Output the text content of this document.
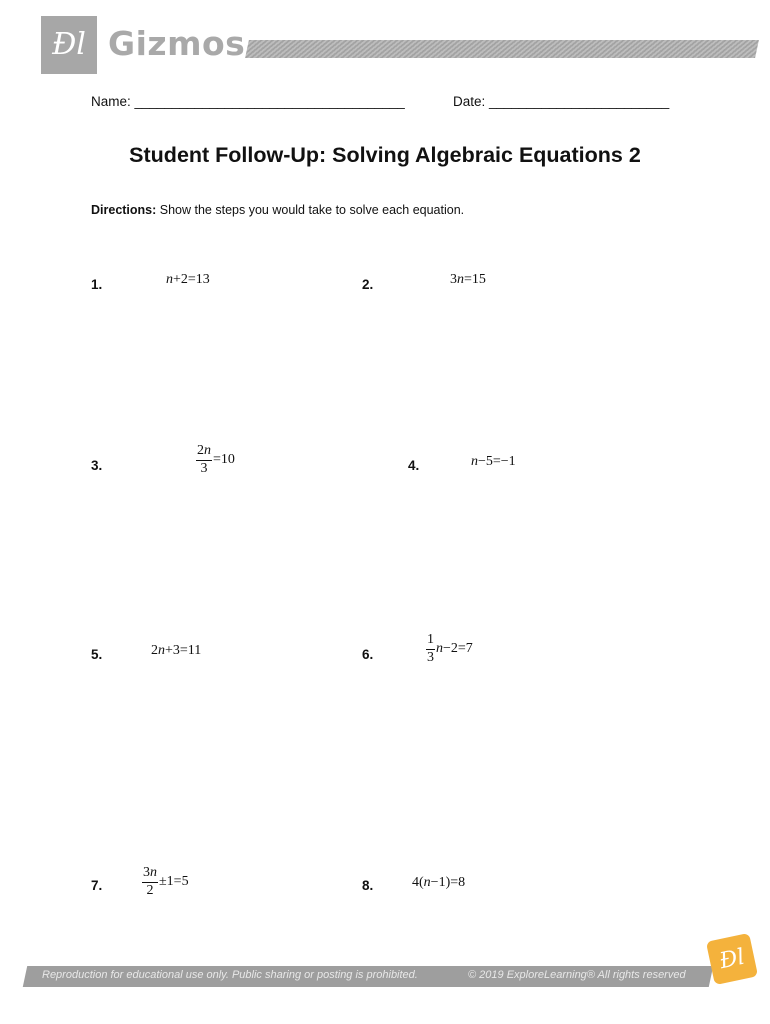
Ɖl Gizmos
Name: ____________________________________	Date: ________________________
Student Follow-Up: Solving Algebraic Equations 2
Directions: Show the steps you would take to solve each equation.
1.	n +2=13	2.	3 n =15
3.	$\frac{2n}{3} =10$	4.	n −5=−1
5.	2 n +3=11	6.	$\frac{1}{3}$ n −2=7
7.	$\frac{3n}{2} \pm 1=5$	8.	4( n −1)=8
Reproduction for educational use only. Public sharing or posting is prohibited.	© 2019 ExploreLearning® All rights reserved
Ɖl
